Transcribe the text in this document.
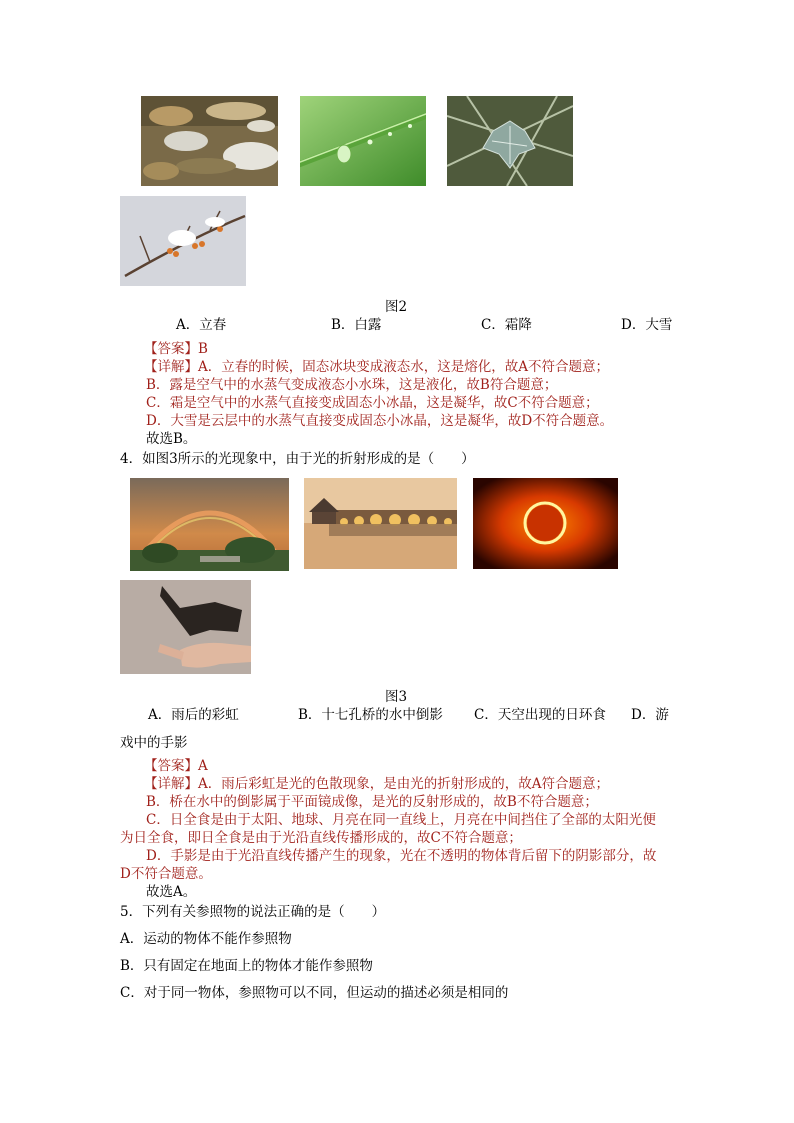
图2
A．立春	B．白露	C．霜降	D．大雪
【答案】B
【详解】A．立春的时候，固态冰块变成液态水，这是熔化，故A不符合题意；
B．露是空气中的水蒸气变成液态小水珠，这是液化，故B符合题意；
C．霜是空气中的水蒸气直接变成固态小冰晶，这是凝华，故C不符合题意；
D．大雪是云层中的水蒸气直接变成固态小冰晶，这是凝华，故D不符合题意。
故选B。
4．如图3所示的光现象中，由于光的折射形成的是（　　）
图3
A．雨后的彩虹	B．十七孔桥的水中倒影 C．天空出现的日环食 D．游
戏中的手影
【答案】A
【详解】A．雨后彩虹是光的色散现象，是由光的折射形成的，故A符合题意；
B．桥在水中的倒影属于平面镜成像，是光的反射形成的，故B不符合题意；
C．日全食是由于太阳、地球、月亮在同一直线上，月亮在中间挡住了全部的太阳光便
为日全食，即日全食是由于光沿直线传播形成的，故C不符合题意；
D．手影是由于光沿直线传播产生的现象，光在不透明的物体背后留下的阴影部分，故
D不符合题意。
故选A。
5．下列有关参照物的说法正确的是（　　）
A．运动的物体不能作参照物
B．只有固定在地面上的物体才能作参照物
C．对于同一物体，参照物可以不同，但运动的描述必须是相同的
